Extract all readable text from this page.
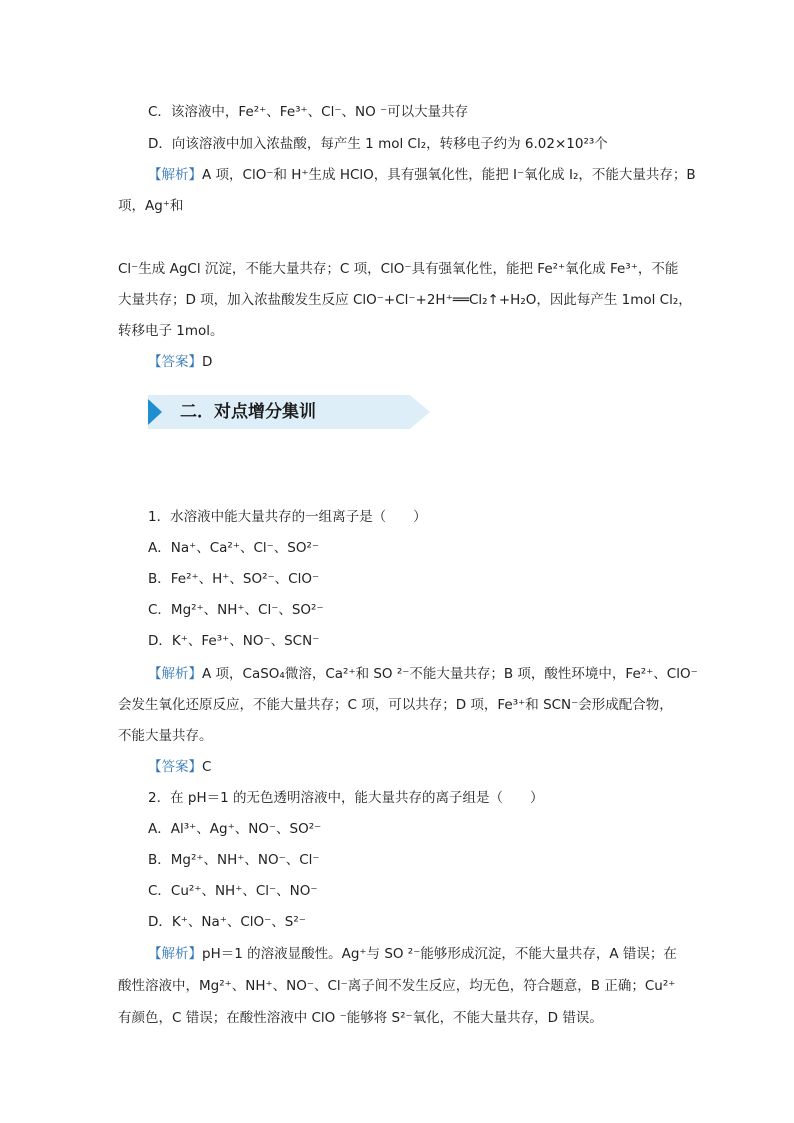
C．该溶液中，Fe²⁺、Fe³⁺、Cl⁻、NO ⁻可以大量共存
D．向该溶液中加入浓盐酸，每产生 1 mol Cl₂，转移电子约为 6.02×10²³个
【解析】A 项，ClO⁻和 H⁺生成 HClO，具有强氧化性，能把 I⁻氧化成 I₂，不能大量共存；B
项，Ag⁺和
Cl⁻生成 AgCl 沉淀，不能大量共存；C 项，ClO⁻具有强氧化性，能把 Fe²⁺氧化成 Fe³⁺，不能
大量共存；D 项，加入浓盐酸发生反应 ClO⁻+Cl⁻+2H⁺══Cl₂↑+H₂O，因此每产生 1mol Cl₂，
转移电子 1mol。
【答案】D
二．对点增分集训
1．水溶液中能大量共存的一组离子是（　　）
A．Na⁺、Ca²⁺、Cl⁻、SO²⁻
B．Fe²⁺、H⁺、SO²⁻、ClO⁻
C．Mg²⁺、NH⁺、Cl⁻、SO²⁻
D．K⁺、Fe³⁺、NO⁻、SCN⁻
【解析】A 项，CaSO₄微溶，Ca²⁺和 SO ²⁻不能大量共存；B 项，酸性环境中，Fe²⁺、ClO⁻
会发生氧化还原反应，不能大量共存；C 项，可以共存；D 项，Fe³⁺和 SCN⁻会形成配合物，
不能大量共存。
【答案】C
2．在 pH＝1 的无色透明溶液中，能大量共存的离子组是（　　）
A．Al³⁺、Ag⁺、NO⁻、SO²⁻
B．Mg²⁺、NH⁺、NO⁻、Cl⁻
C．Cu²⁺、NH⁺、Cl⁻、NO⁻
D．K⁺、Na⁺、ClO⁻、S²⁻
【解析】pH＝1 的溶液显酸性。Ag⁺与 SO ²⁻能够形成沉淀，不能大量共存，A 错误；在
酸性溶液中，Mg²⁺、NH⁺、NO⁻、Cl⁻离子间不发生反应，均无色，符合题意，B 正确；Cu²⁺
有颜色，C 错误；在酸性溶液中 ClO ⁻能够将 S²⁻氧化，不能大量共存，D 错误。
